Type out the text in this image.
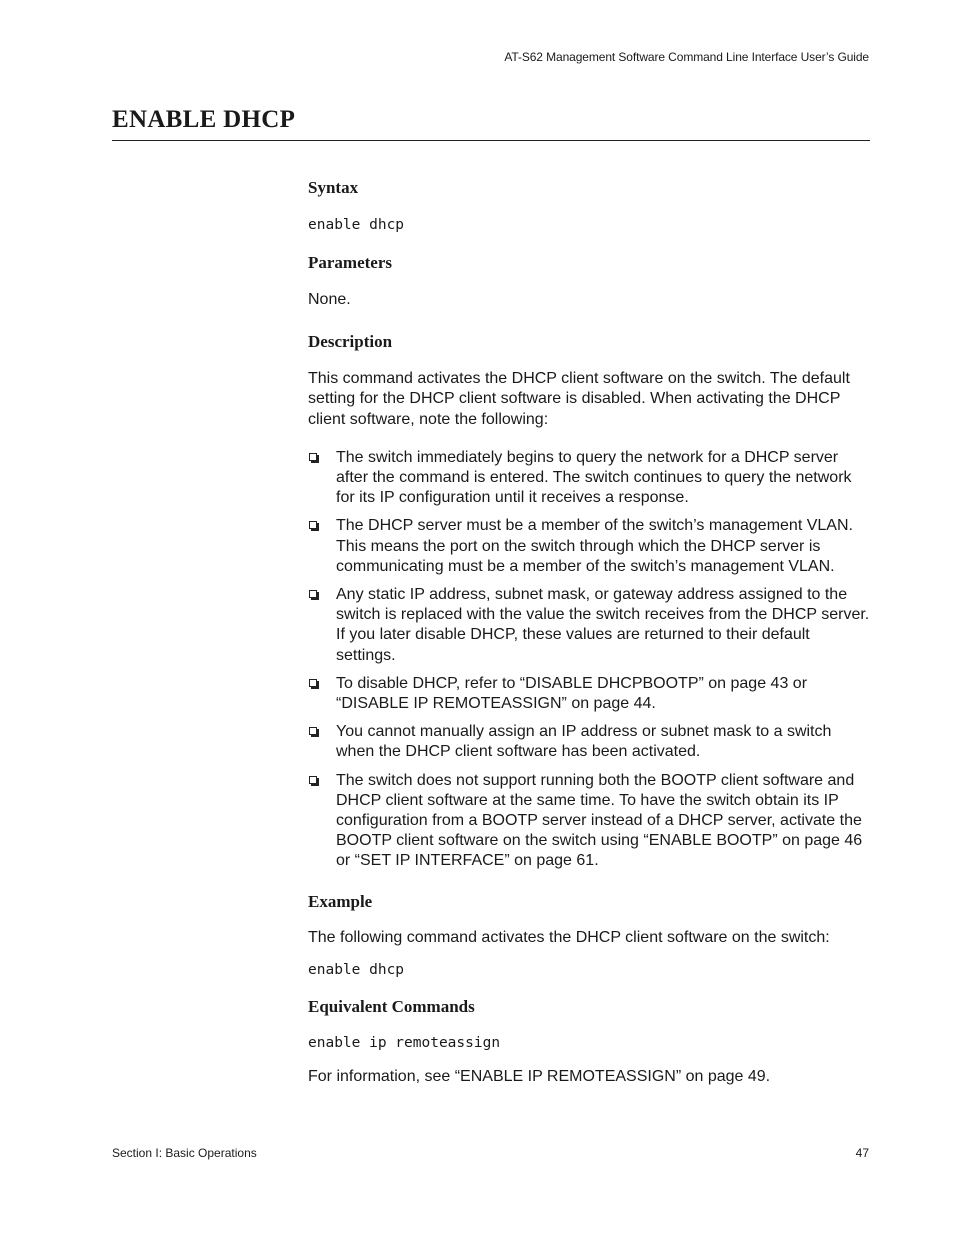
AT-S62 Management Software Command Line Interface User’s Guide
ENABLE DHCP
Syntax
enable dhcp
Parameters

None.

Description

This command activates the DHCP client software on the switch. The default setting for the DHCP client software is disabled. When activating the DHCP client software, note the following:

The switch immediately begins to query the network for a DHCP server after the command is entered. The switch continues to query the network for its IP configuration until it receives a response.
The DHCP server must be a member of the switch’s management VLAN. This means the port on the switch through which the DHCP server is communicating must be a member of the switch’s management VLAN.
Any static IP address, subnet mask, or gateway address assigned to the switch is replaced with the value the switch receives from the DHCP server. If you later disable DHCP, these values are returned to their default settings.
To disable DHCP, refer to “DISABLE DHCPBOOTP” on page 43 or “DISABLE IP REMOTEASSIGN” on page 44.
You cannot manually assign an IP address or subnet mask to a switch when the DHCP client software has been activated.
The switch does not support running both the BOOTP client software and DHCP client software at the same time. To have the switch obtain its IP configuration from a BOOTP server instead of a DHCP server, activate the BOOTP client software on the switch using “ENABLE BOOTP” on page 46 or “SET IP INTERFACE” on page 61.
Example

The following command activates the DHCP client software on the switch:

enable dhcp
Equivalent Commands
enable ip remoteassign

For information, see “ENABLE IP REMOTEASSIGN” on page 49.

Section I: Basic Operations	47
